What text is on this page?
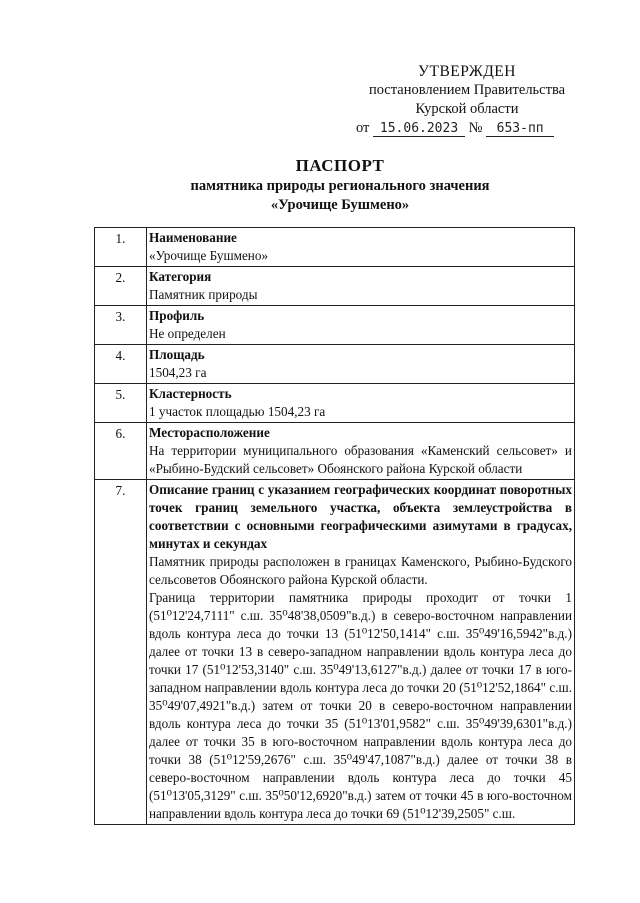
УТВЕРЖДЕН
постановлением Правительства
Курской области
от 15.06.2023 № 653-пп
ПАСПОРТ
памятника природы регионального значения
«Урочище Бушмено»
1.	Наименование
«Урочище Бушмено»

2.	Категория
Памятник природы

3.	Профиль
Не определен

4.	Площадь
1504,23 га

5.	Кластерность
1 участок площадью 1504,23 га

6.	Месторасположение
На территории муниципального образования «Каменский сельсовет» и «Рыбино-Будский сельсовет» Обоянского района Курской области

7.	Описание границ с указанием географических координат поворотных точек границ земельного участка, объекта землеустройства в соответствии с основными географическими азимутами в градусах, минутах и секундах
Памятник природы расположен в границах Каменского, Рыбино-Будского сельсоветов Обоянского района Курской области.
Граница территории памятника природы проходит от точки 1 (51⁰12'24,7111" с.ш. 35⁰48'38,0509"в.д.) в северо-восточном направлении вдоль контура леса до точки 13 (51⁰12'50,1414" с.ш. 35⁰49'16,5942"в.д.) далее от точки 13 в северо-западном направлении вдоль контура леса до точки 17 (51⁰12'53,3140" с.ш. 35⁰49'13,6127"в.д.) далее от точки 17 в юго-западном направлении вдоль контура леса до точки 20 (51⁰12'52,1864" с.ш. 35⁰49'07,4921"в.д.) затем от точки 20 в северо-восточном направлении вдоль контура леса до точки 35 (51⁰13'01,9582" с.ш. 35⁰49'39,6301"в.д.) далее от точки 35 в юго-восточном направлении вдоль контура леса до точки 38 (51⁰12'59,2676" с.ш. 35⁰49'47,1087"в.д.) далее от точки 38 в северо-восточном направлении вдоль контура леса до точки 45 (51⁰13'05,3129" с.ш. 35⁰50'12,6920"в.д.) затем от точки 45 в юго-восточном направлении вдоль контура леса до точки 69 (51⁰12'39,2505" с.ш.
